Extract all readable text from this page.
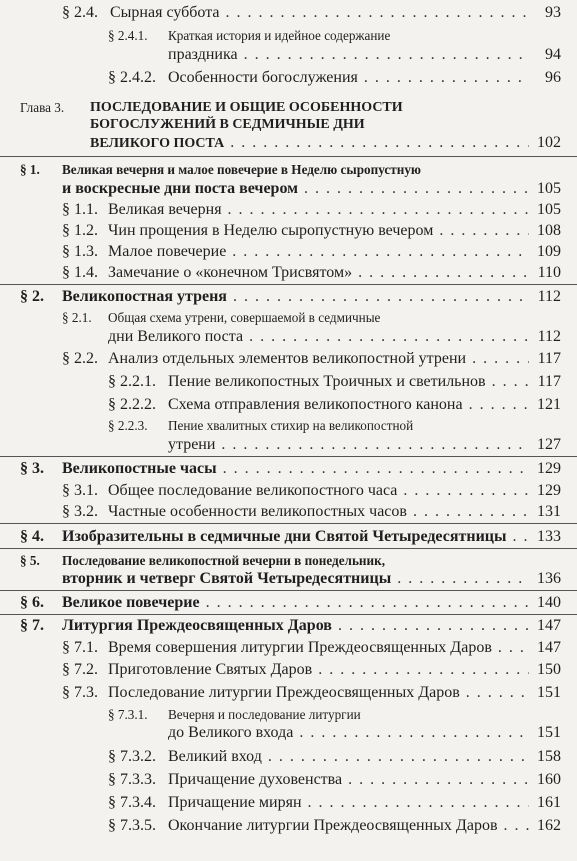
§ 2.4. Сырная суббота . . .	93
§ 2.4.1. Краткая история и идейное содержание
праздника . . .	94
§ 2.4.2. Особенности богослужения . . .	96
Глава 3. ПОСЛЕДОВАНИЕ И ОБЩИЕ ОСОБЕННОСТИ
БОГОСЛУЖЕНИЙ В СЕДМИЧНЫЕ ДНИ
ВЕЛИКОГО ПОСТА . . .	102
§ 1. Великая вечерня и малое повечерие в Неделю сыропустную
и воскресные дни поста вечером . . .	105
§ 1.1. Великая вечерня . . .	105
§ 1.2. Чин прощения в Неделю сыропустную вечером . . .	108
§ 1.3. Малое повечерие . . .	109
§ 1.4. Замечание о «конечном Трисвятом» . . .	110
§ 2.	Великопостная утреня . . .	112
§ 2.1. Общая схема утрени, совершаемой в седмичные
дни Великого поста . . .	112
§ 2.2. Анализ отдельных элементов великопостной утрени . . .	117
§ 2.2.1. Пение великопостных Троичных и светильнов . . .	117
§ 2.2.2. Схема отправления великопостного канона . . .	121
§ 2.2.3. Пение хвалитных стихир на великопостной
утрени . . .	127
§ 3.	Великопостные часы . . .	129
§ 3.1. Общее последование великопостного часа . . .	129
§ 3.2. Частные особенности великопостных часов . . .	131
§ 4.	Изобразительны в седмичные дни Святой Четыредесятницы . . . 133
§ 5. Последование великопостной вечерни в понедельник,
вторник и четверг Святой Четыредесятницы . . .	136
§ 6.	Великое повечерие . . .	140
§ 7.	Литургия Преждеосвященных Даров . . .	147
§ 7.1. Время совершения литургии Преждеосвященных Даров . . .	147
§ 7.2. Приготовление Святых Даров . . .	150
§ 7.3. Последование литургии Преждеосвященных Даров . . .	151
§ 7.3.1. Вечерня и последование литургии
до Великого входа . . .	151
§ 7.3.2. Великий вход . . .	158
§ 7.3.3. Причащение духовенства . . .	160
§ 7.3.4. Причащение мирян . . .	161
§ 7.3.5. Окончание литургии Преждеосвященных Даров . . . 162
